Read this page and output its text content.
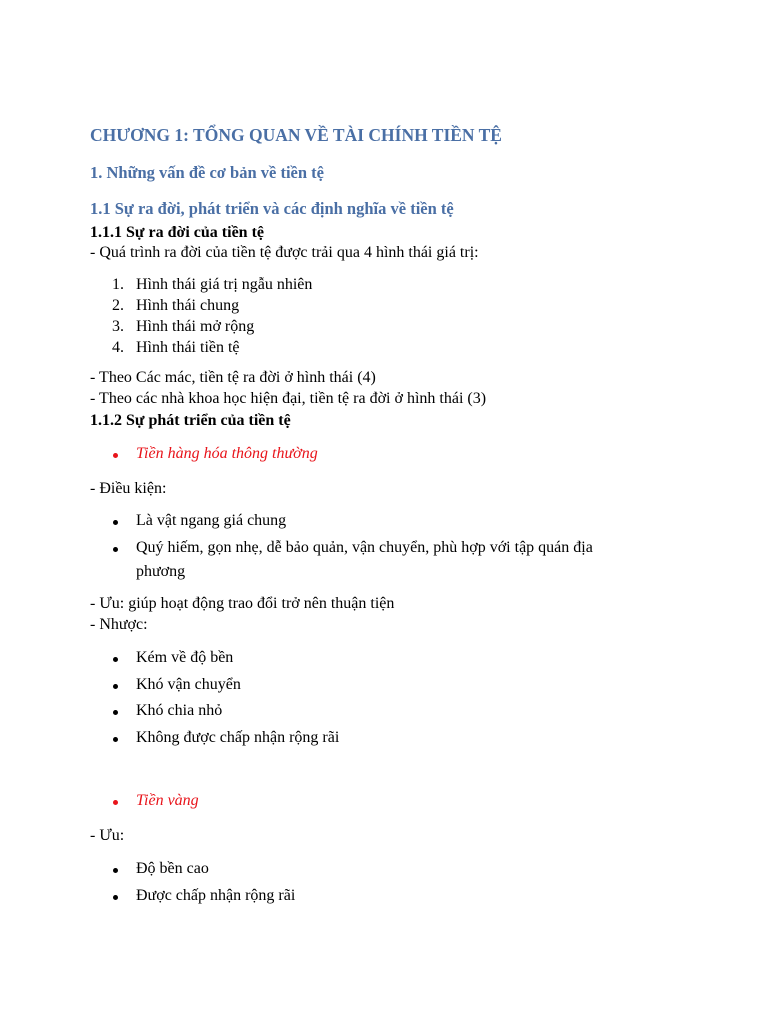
CHƯƠNG 1: TỔNG QUAN VỀ TÀI CHÍNH TIỀN TỆ
1. Những vấn đề cơ bản về tiền tệ
1.1 Sự ra đời, phát triển và các định nghĩa về tiền tệ
1.1.1 Sự ra đời của tiền tệ
- Quá trình ra đời của tiền tệ được trải qua 4 hình thái giá trị:
1. Hình thái giá trị ngẫu nhiên
2. Hình thái chung
3. Hình thái mở rộng
4. Hình thái tiền tệ
- Theo Các mác, tiền tệ ra đời ở hình thái (4)
- Theo các nhà khoa học hiện đại, tiền tệ ra đời ở hình thái (3)
1.1.2 Sự phát triển của tiền tệ
Tiền hàng hóa thông thường
- Điều kiện:
Là vật ngang giá chung
Quý hiếm, gọn nhẹ, dễ bảo quản, vận chuyển, phù hợp với tập quán địa
phương
- Ưu: giúp hoạt động trao đổi trở nên thuận tiện
- Nhược:
Kém về độ bền
Khó vận chuyển
Khó chia nhỏ
Không được chấp nhận rộng rãi
Tiền vàng
- Ưu:
Độ bền cao
Được chấp nhận rộng rãi
